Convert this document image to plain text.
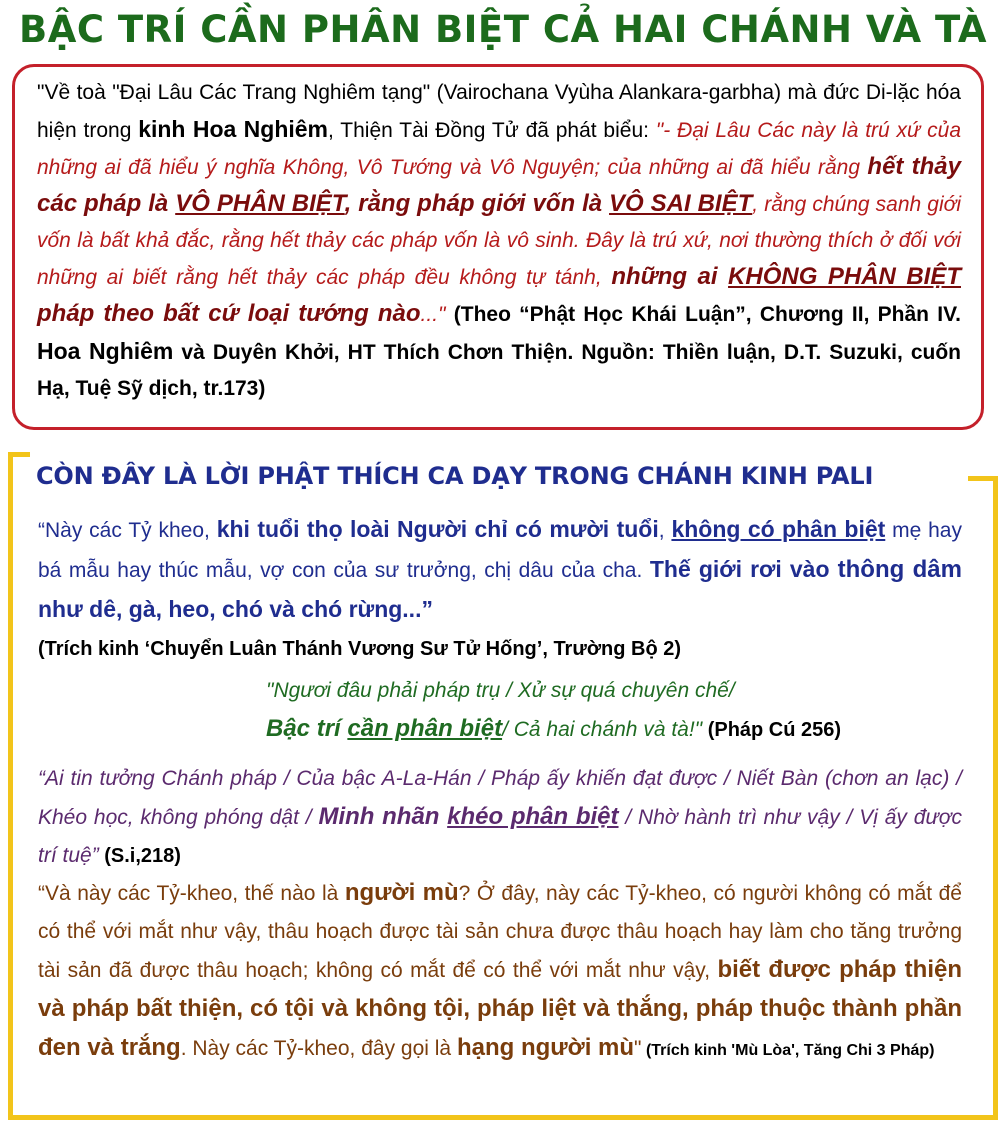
BẬC TRÍ CẦN PHÂN BIỆT CẢ HAI CHÁNH VÀ TÀ
"Về toà "Đại Lâu Các Trang Nghiêm tạng" (Vairochana Vyùha Alankara-garbha) mà đức Di-lặc hóa hiện trong kinh Hoa Nghiêm, Thiện Tài Đồng Tử đã phát biểu: "- Đại Lâu Các này là trú xứ của những ai đã hiểu ý nghĩa Không, Vô Tướng và Vô Nguyện; của những ai đã hiểu rằng hết thảy các pháp là VÔ PHÂN BIỆT, rằng pháp giới vốn là VÔ SAI BIỆT, rằng chúng sanh giới vốn là bất khả đắc, rằng hết thảy các pháp vốn là vô sinh. Đây là trú xứ, nơi thường thích ở đối với những ai biết rằng hết thảy các pháp đều không tự tánh, những ai KHÔNG PHÂN BIỆT pháp theo bất cứ loại tướng nào..." (Theo “Phật Học Khái Luận”, Chương II, Phần IV. Hoa Nghiêm và Duyên Khởi, HT Thích Chơn Thiện. Nguồn: Thiền luận, D.T. Suzuki, cuốn Hạ, Tuệ Sỹ dịch, tr.173)
CÒN ĐÂY LÀ LỜI PHẬT THÍCH CA DẠY TRONG CHÁNH KINH PALI
“Này các Tỷ kheo, khi tuổi thọ loài Người chỉ có mười tuổi, không có phân biệt mẹ hay bá mẫu hay thúc mẫu, vợ con của sư trưởng, chị dâu của cha. Thế giới rơi vào thông dâm như dê, gà, heo, chó và chó rừng...”
(Trích kinh ‘Chuyển Luân Thánh Vương Sư Tử Hống’, Trường Bộ 2)
"Ngươi đâu phải pháp trụ / Xử sự quá chuyên chế/
Bậc trí cần phân biệt/ Cả hai chánh và tà!" (Pháp Cú 256)
“Ai tin tưởng Chánh pháp / Của bậc A-La-Hán / Pháp ấy khiến đạt được / Niết Bàn (chơn an lạc) / Khéo học, không phóng dật / Minh nhãn khéo phân biệt / Nhờ hành trì như vậy / Vị ấy được trí tuệ” (S.i,218)
“Và này các Tỷ-kheo, thế nào là người mù? Ở đây, này các Tỷ-kheo, có người không có mắt để có thể với mắt như vậy, thâu hoạch được tài sản chưa được thâu hoạch hay làm cho tăng trưởng tài sản đã được thâu hoạch; không có mắt để có thể với mắt như vậy, biết được pháp thiện và pháp bất thiện, có tội và không tội, pháp liệt và thắng, pháp thuộc thành phần đen và trắng. Này các Tỷ-kheo, đây gọi là hạng người mù" (Trích kinh 'Mù Lòa', Tăng Chi 3 Pháp)
